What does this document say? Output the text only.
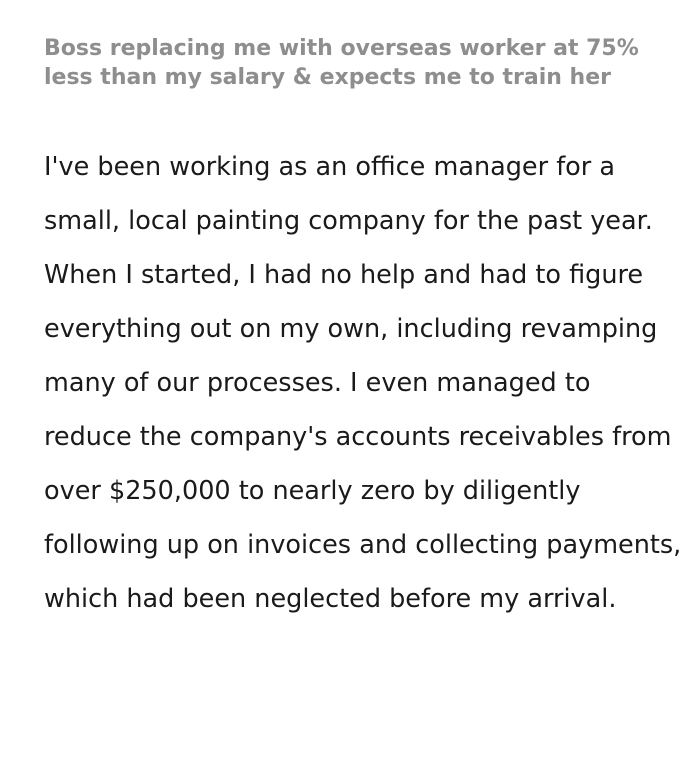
Boss replacing me with overseas worker at 75% less than my salary & expects me to train her
I've been working as an office manager for a small, local painting company for the past year. When I started, I had no help and had to figure everything out on my own, including revamping many of our processes. I even managed to reduce the company's accounts receivables from over $250,000 to nearly zero by diligently following up on invoices and collecting payments, which had been neglected before my arrival.
